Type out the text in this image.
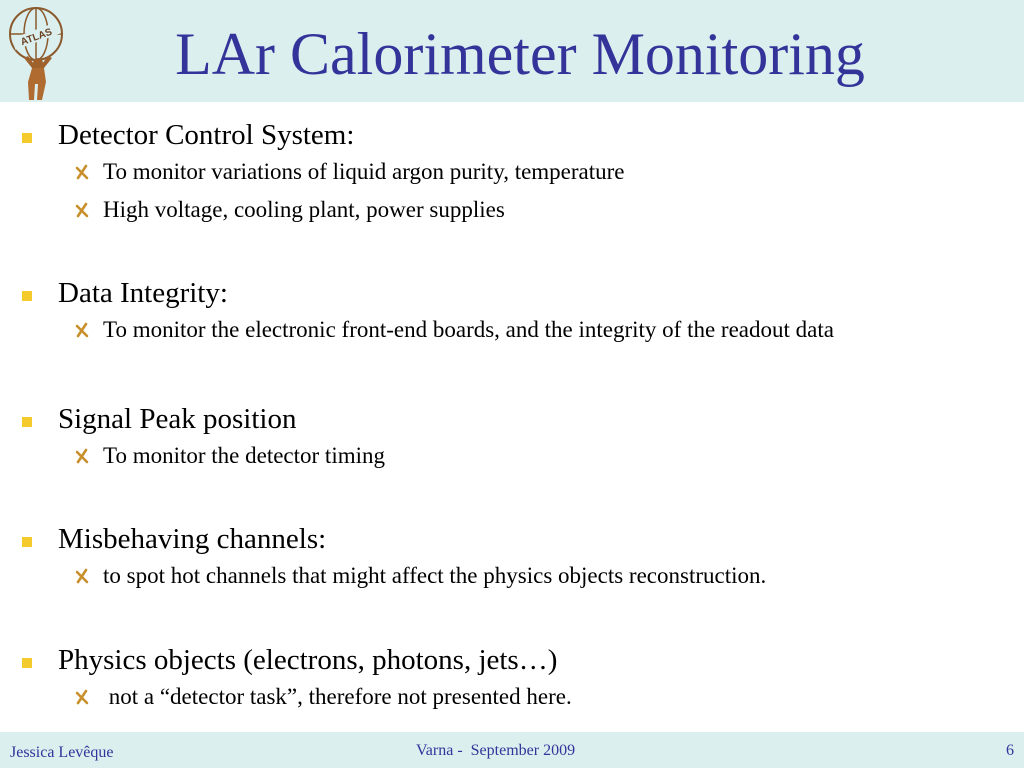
ATLAS	LAr Calorimeter Monitoring
Detector Control System:
To monitor variations of liquid argon purity, temperature
High voltage, cooling plant, power supplies
Data Integrity:
To monitor the electronic front-end boards, and the integrity of the readout data
Signal Peak position
To monitor the detector timing
Misbehaving channels:
to spot hot channels that might affect the physics objects reconstruction.
Physics objects (electrons, photons, jets…)
not a “detector task”, therefore not presented here.
Jessica Levêque	Varna -  September 2009	6
